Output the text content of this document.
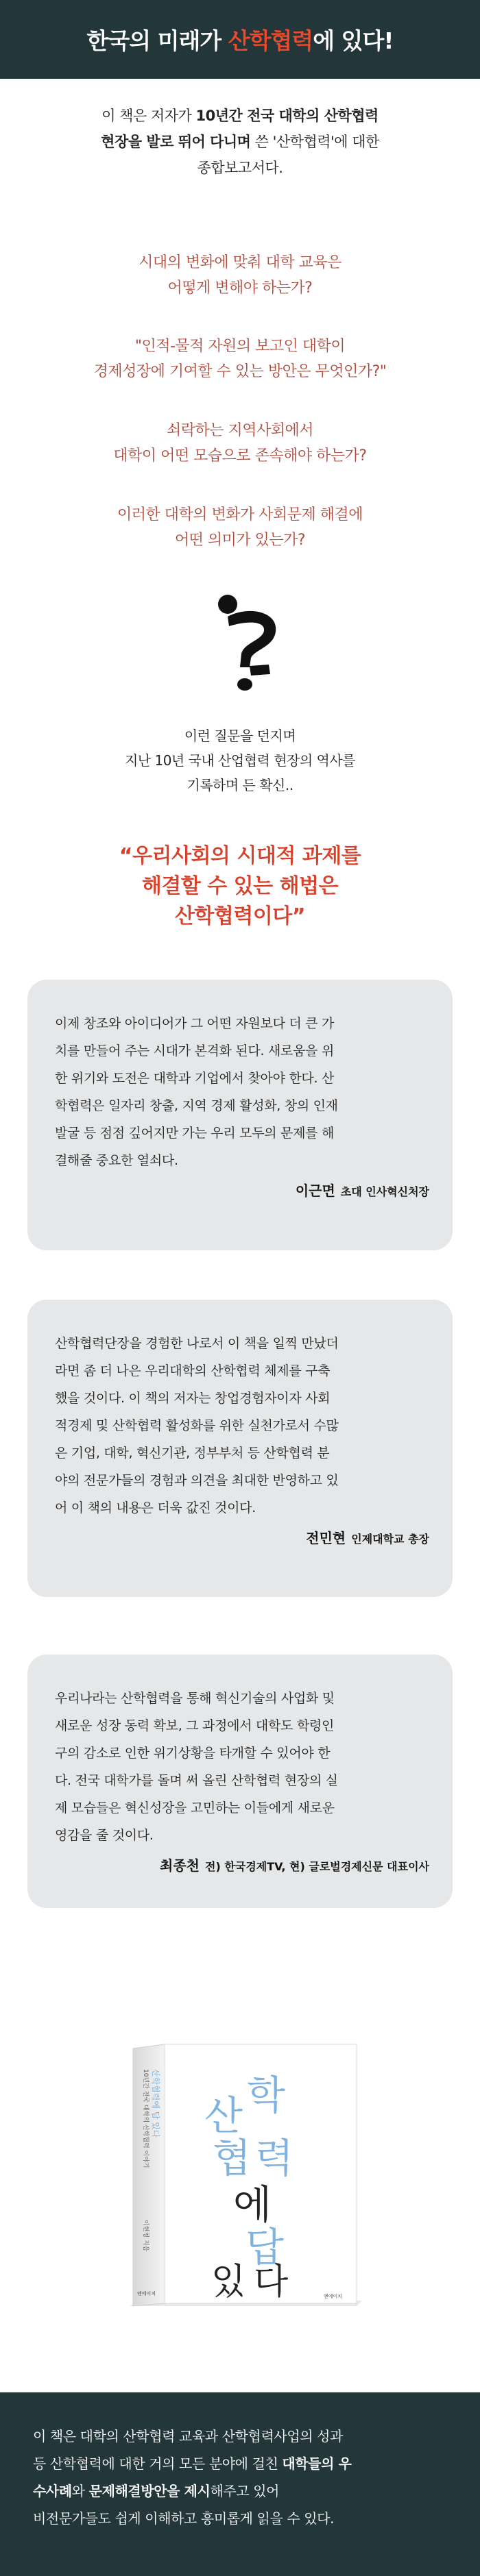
한국의 미래가 산학협력에 있다!
이 책은 저자가 10년간 전국 대학의 산학협력
현장을 발로 뛰어 다니며 쓴 '산학협력'에 대한
종합보고서다.
시대의 변화에 맞춰 대학 교육은
어떻게 변해야 하는가?
"인적-물적 자원의 보고인 대학이
경제성장에 기여할 수 있는 방안은 무엇인가?"
쇠락하는 지역사회에서
대학이 어떤 모습으로 존속해야 하는가?
이러한 대학의 변화가 사회문제 해결에
어떤 의미가 있는가?
이런 질문을 던지며
지난 10년 국내 산업협력 현장의 역사를
기록하며 든 확신..
“우리사회의 시대적 과제를
해결할 수 있는 해법은
산학협력이다”
이제 창조와 아이디어가 그 어떤 자원보다 더 큰 가
치를 만들어 주는 시대가 본격화 된다. 새로움을 위
한 위기와 도전은 대학과 기업에서 찾아야 한다. 산
학협력은 일자리 창출, 지역 경제 활성화, 창의 인재
발굴 등 점점 깊어지만 가는 우리 모두의 문제를 해
결해줄 중요한 열쇠다.
이근면 초대 인사혁신처장
산학협력단장을 경험한 나로서 이 책을 일찍 만났더
라면 좀 더 나은 우리대학의 산학협력 체제를 구축
했을 것이다. 이 책의 저자는 창업경험자이자 사회
적경제 및 산학협력 활성화를 위한 실천가로서 수많
은 기업, 대학, 혁신기관, 정부부처 등 산학협력 분
야의 전문가들의 경험과 의견을 최대한 반영하고 있
어 이 책의 내용은 더욱 값진 것이다.
전민현 인제대학교 총장
우리나라는 산학협력을 통해 혁신기술의 사업화 및
새로운 성장 동력 확보, 그 과정에서 대학도 학령인
구의 감소로 인한 위기상황을 타개할 수 있어야 한
다. 전국 대학가를 돌며 써 올린 산학협력 현장의 실
제 모습들은 혁신성장을 고민하는 이들에게 새로운
영감을 줄 것이다.
최종천 전) 한국경제TV, 현) 글로벌경제신문 대표이사
10년간 전국 대학의 산학협력 이야기 산학협력에 답 있다
이현청 지음
엔에이치
산 학
협 력
에
답
있 다	엔에이치
이 책은 대학의 산학협력 교육과 산학협력사업의 성과
등 산학협력에 대한 거의 모든 분야에 걸친 대학들의 우
수사례와 문제해결방안을 제시해주고 있어
비전문가들도 쉽게 이해하고 흥미롭게 읽을 수 있다.
